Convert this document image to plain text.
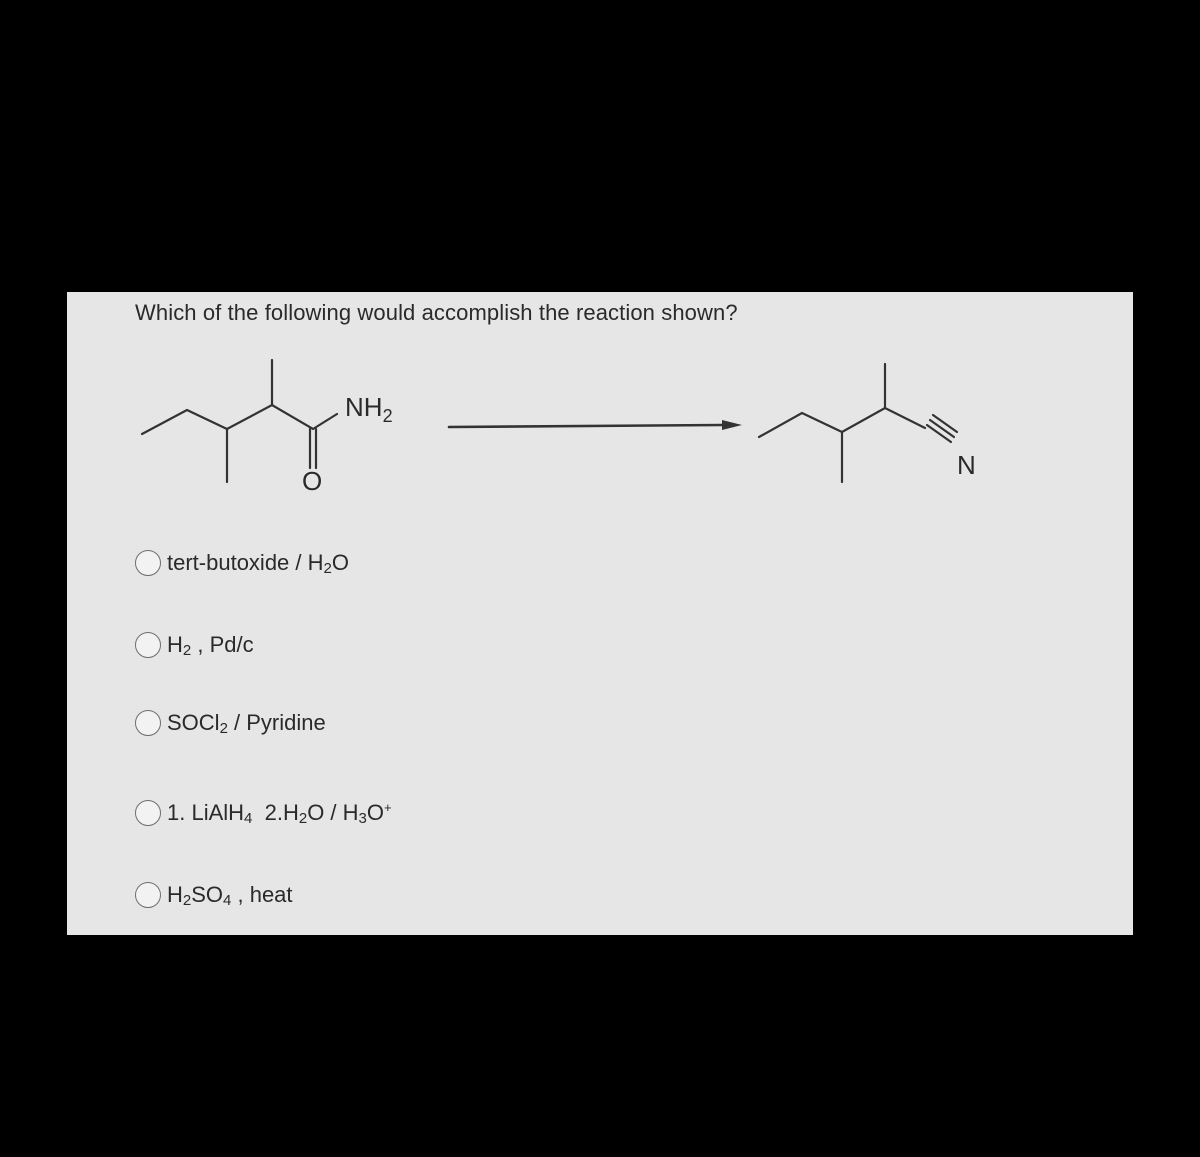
Which of the following would accomplish the reaction shown?
$NH_2$
O
N
tert-butoxide / $H_2O$
$H_2$ , Pd/c
SOCl$_2$ / Pyridine
1. LiAlH$_4$  $2.H_2O / H_3O^+$
$H_2SO_4$ , heat
